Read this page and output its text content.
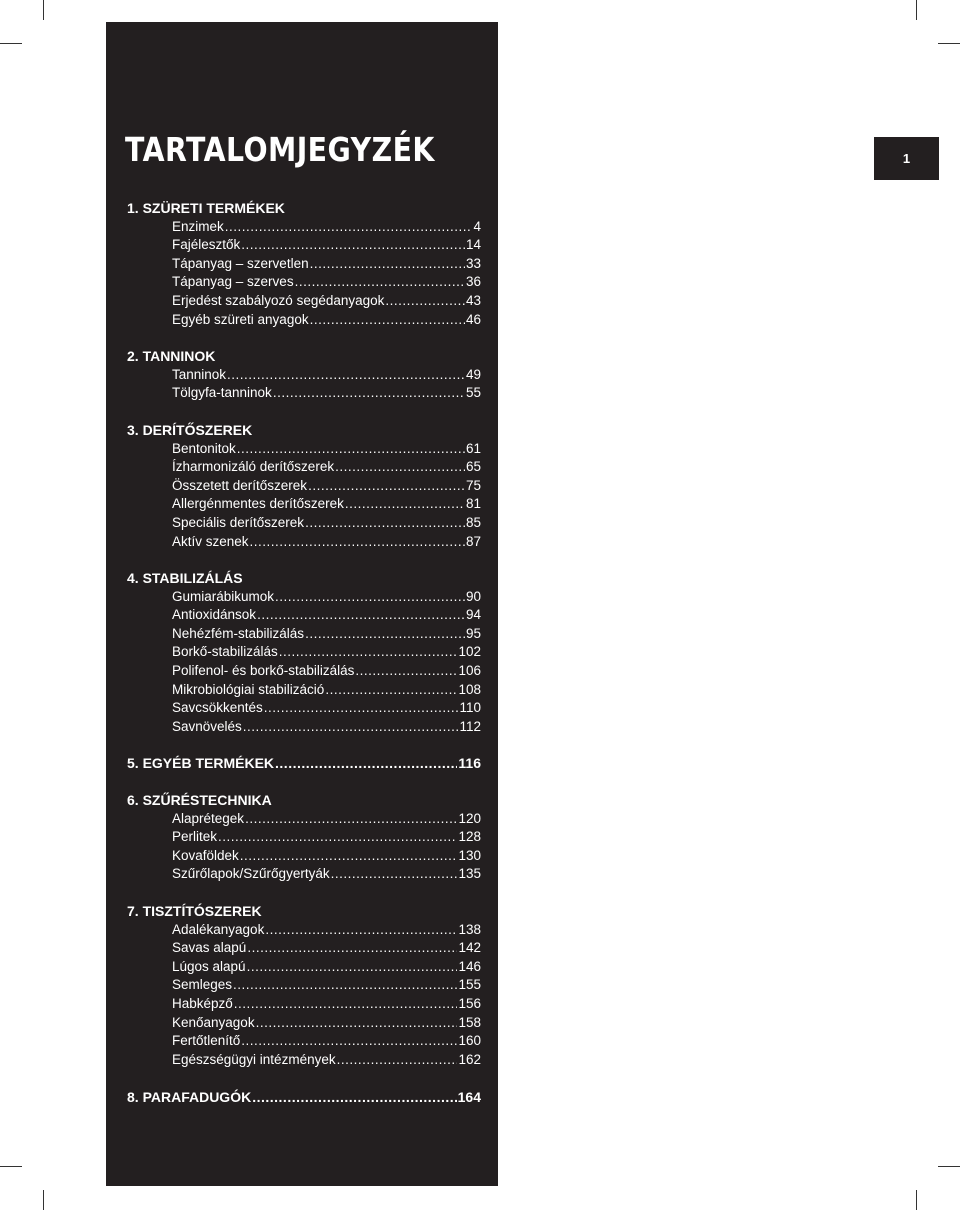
TARTALOMJEGYZÉK
1. SZÜRETI TERMÉKEK
Enzimek .....	4
Fajélesztők .....	14
Tápanyag – szervetlen .....	33
Tápanyag – szerves .....	36
Erjedést szabályozó segédanyagok .....	43
Egyéb szüreti anyagok .....	46
2. TANNINOK
Tanninok .....	49
Tölgyfa-tanninok .....	55
3. DERÍTŐSZEREK
Bentonitok .....	61
Ízharmonizáló derítőszerek .....	65
Összetett derítőszerek .....	75
Allergénmentes derítőszerek .....	81
Speciális derítőszerek .....	85
Aktív szenek .....	87
4. STABILIZÁLÁS
Gumiarábikumok .....	90
Antioxidánsok .....	94
Nehézfém-stabilizálás .....	95
Borkő-stabilizálás .....	102
Polifenol- és borkő-stabilizálás .....	106
Mikrobiológiai stabilizáció .....	108
Savcsökkentés .....	110
Savnövelés .....	112
5. EGYÉB TERMÉKEK .....	116
6. SZŰRÉSTECHNIKA
Alaprétegek .....	120
Perlitek .....	128
Kovaföldek .....	130
Szűrőlapok/Szűrőgyertyák .....	135
7. TISZTÍTÓSZEREK
Adalékanyagok .....	138
Savas alapú .....	142
Lúgos alapú .....	146
Semleges .....	155
Habképző .....	156
Kenőanyagok .....	158
Fertőtlenítő .....	160
Egészségügyi intézmények .....	162
8. PARAFADUGÓK .....	164
1
